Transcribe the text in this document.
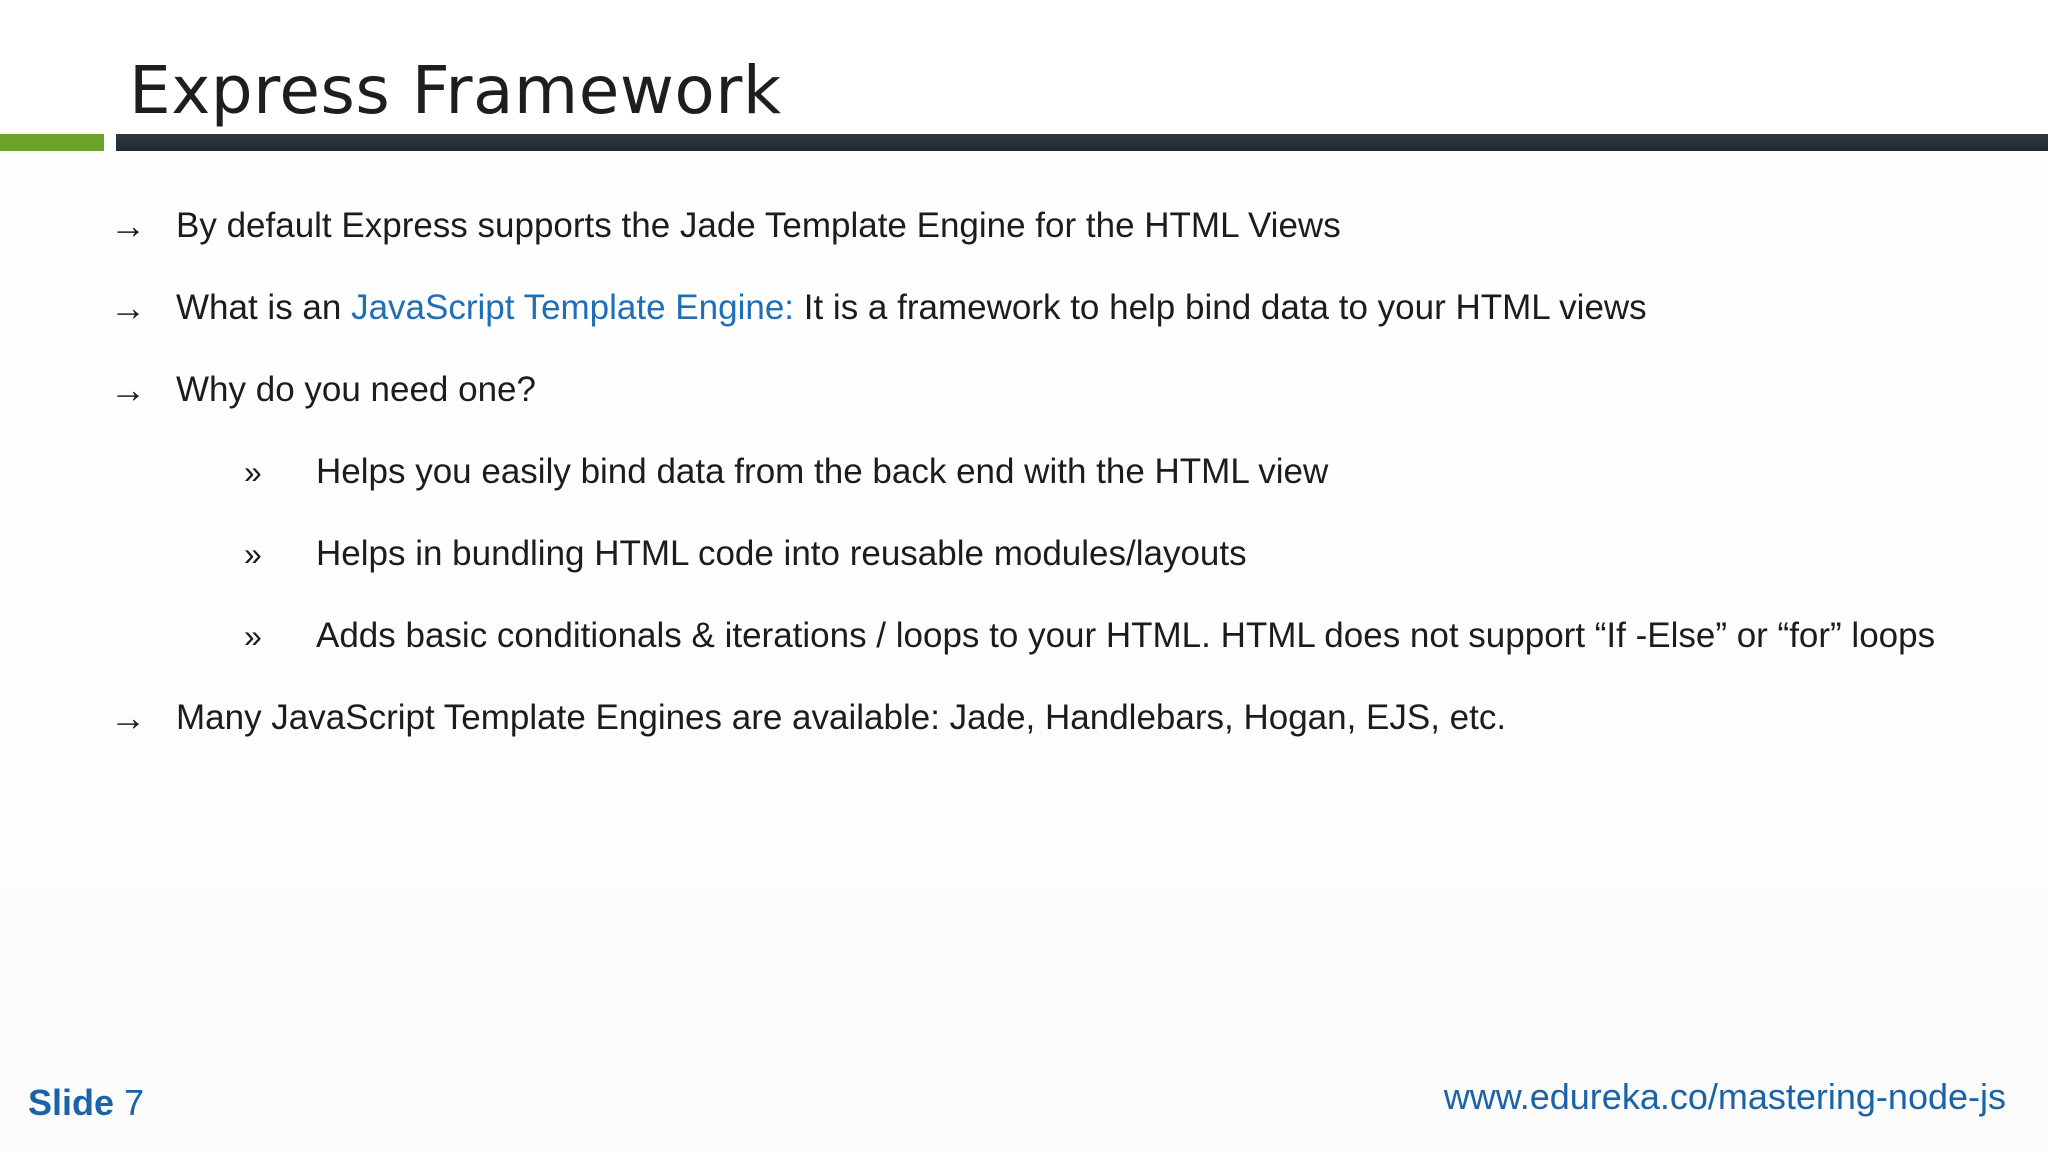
Express Framework
→ By default Express supports the Jade Template Engine for the HTML Views
→ What is an JavaScript Template Engine: It is a framework to help bind data to your HTML views
→ Why do you need one?
»	Helps you easily bind data from the back end with the HTML view
»	Helps in bundling HTML code into reusable modules/layouts
»	Adds basic conditionals & iterations / loops to your HTML. HTML does not support “If -Else” or “for” loops
→ Many JavaScript Template Engines are available: Jade, Handlebars, Hogan, EJS, etc.
Slide 7	www.edureka.co/mastering-node-js
